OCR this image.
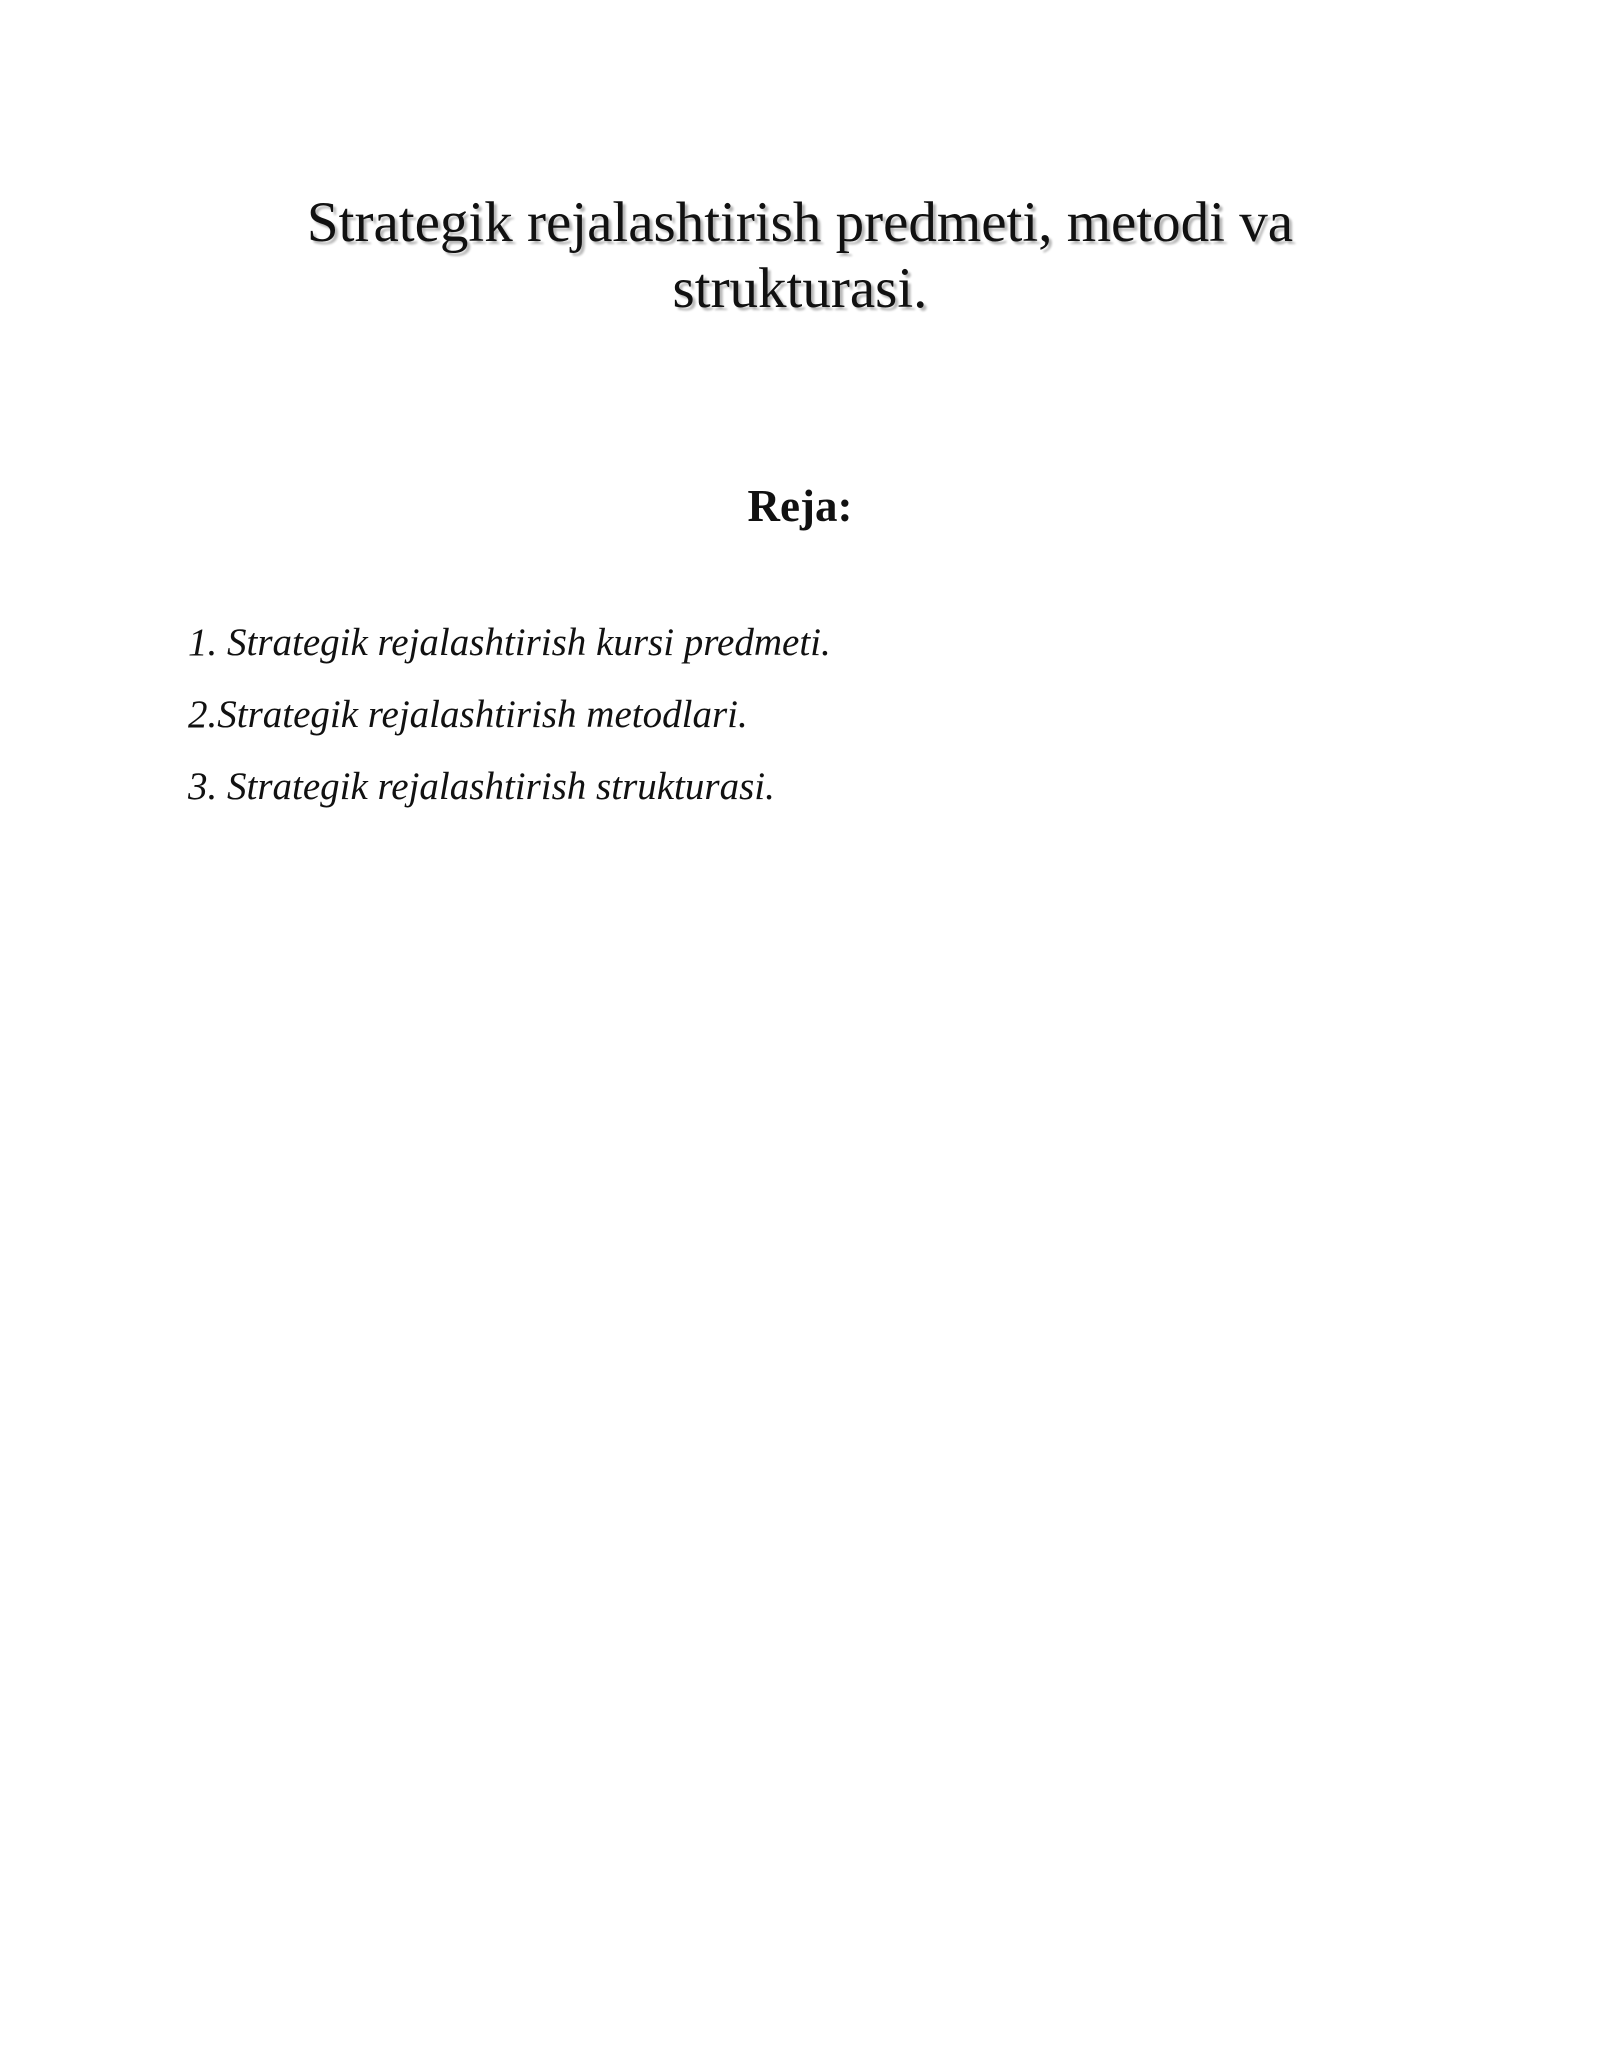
Strategik rejalashtirish predmeti, metodi va strukturasi.
Reja:
1. Strategik rejalashtirish kursi predmeti.
2.Strategik rejalashtirish metodlari.
3. Strategik rejalashtirish strukturasi.
